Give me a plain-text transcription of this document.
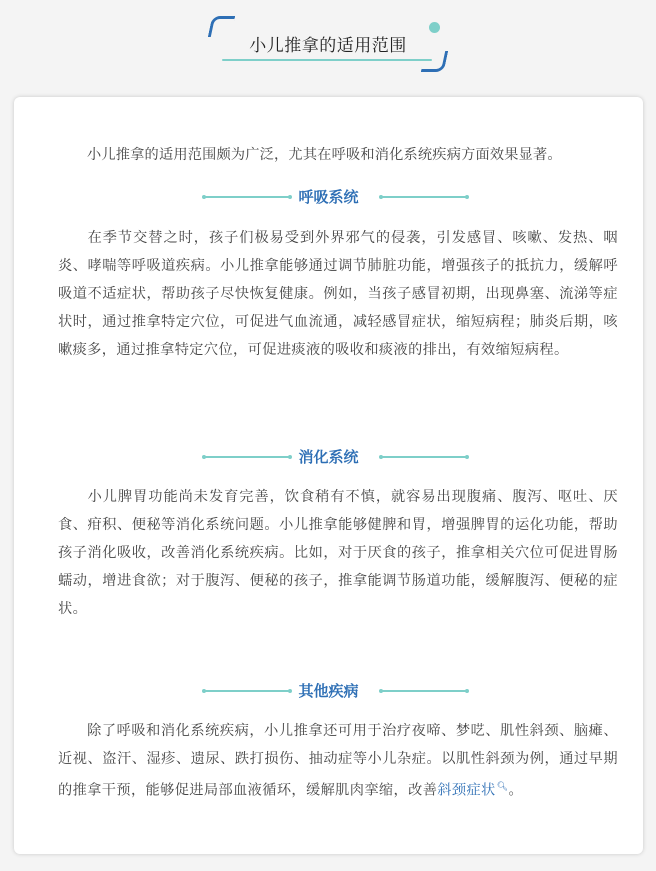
小儿推拿的适用范围
小儿推拿的适用范围颇为广泛，尤其在呼吸和消化系统疾病方面效果显著。
呼吸系统
在季节交替之时，孩子们极易受到外界邪气的侵袭，引发感冒、咳嗽、发热、咽炎、哮喘等呼吸道疾病。小儿推拿能够通过调节肺脏功能，增强孩子的抵抗力，缓解呼吸道不适症状，帮助孩子尽快恢复健康。例如，当孩子感冒初期，出现鼻塞、流涕等症状时，通过推拿特定穴位，可促进气血流通，减轻感冒症状，缩短病程；肺炎后期，咳嗽痰多，通过推拿特定穴位，可促进痰液的吸收和痰液的排出，有效缩短病程。
消化系统
小儿脾胃功能尚未发育完善，饮食稍有不慎，就容易出现腹痛、腹泻、呕吐、厌食、疳积、便秘等消化系统问题。小儿推拿能够健脾和胃，增强脾胃的运化功能，帮助孩子消化吸收，改善消化系统疾病。比如，对于厌食的孩子，推拿相关穴位可促进胃肠蠕动，增进食欲；对于腹泻、便秘的孩子，推拿能调节肠道功能，缓解腹泻、便秘的症状。
其他疾病
除了呼吸和消化系统疾病，小儿推拿还可用于治疗夜啼、梦呓、肌性斜颈、脑瘫、近视、盗汗、湿疹、遗尿、跌打损伤、抽动症等小儿杂症。以肌性斜颈为例，通过早期的推拿干预，能够促进局部血液循环，缓解肌肉挛缩，改善斜颈症状🔍︎。
